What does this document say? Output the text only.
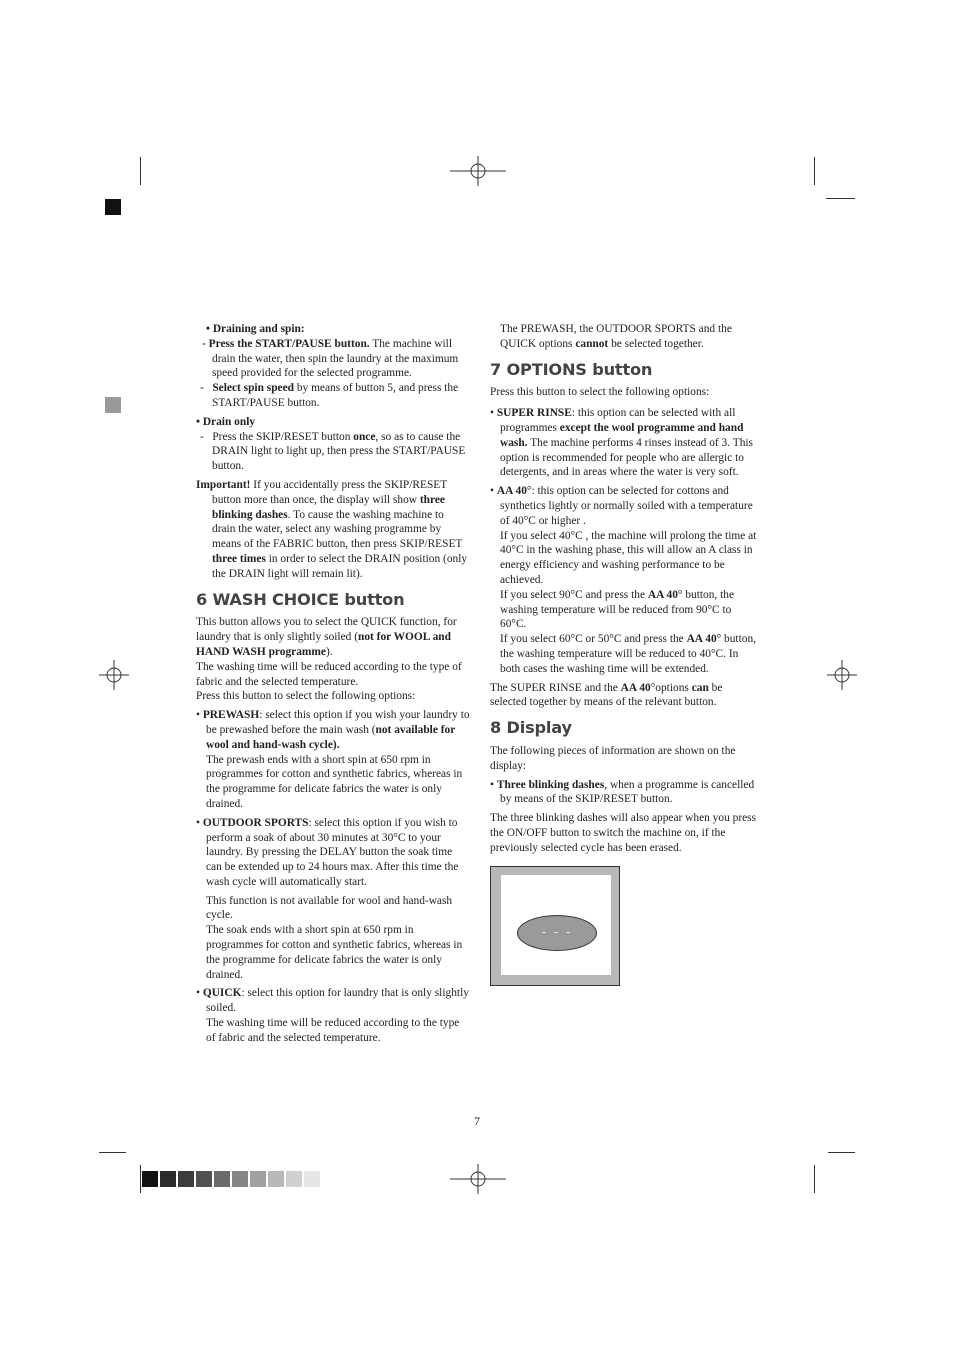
• Draining and spin:

- Press the START/PAUSE button. The machine will drain the water, then spin the laundry at the maximum speed provided for the selected programme.

-   Select spin speed by means of button 5, and press the START/PAUSE button.

• Drain only

-   Press the SKIP/RESET button once, so as to cause the DRAIN light to light up, then press the START/PAUSE button.

Important! If you accidentally press the SKIP/RESET button more than once, the display will show three blinking dashes. To cause the washing machine to drain the water, select any washing programme by means of the FABRIC button, then press SKIP/RESET three times in order to select the DRAIN position (only the DRAIN light will remain lit).

6 WASH CHOICE button

This button allows you to select the QUICK function, for laundry that is only slightly soiled (not for WOOL and HAND WASH programme).

The washing time will be reduced according to the type of fabric and the selected temperature.

Press this button to select the following options:

• PREWASH: select this option if you wish your laundry to be prewashed before the main wash (not available for wool and hand-wash cycle).

The prewash ends with a short spin at 650 rpm in programmes for cotton and synthetic fabrics, whereas in the programme for delicate fabrics the water is only drained.

• OUTDOOR SPORTS: select this option if you wish to perform a soak of about 30 minutes at 30°C to your laundry. By pressing the DELAY button the soak time can be extended up to 24 hours max. After this time the wash cycle will automatically start.

This function is not available for wool and hand-wash cycle.

The soak ends with a short spin at 650 rpm in programmes for cotton and synthetic fabrics, whereas in the programme for delicate fabrics the water is only drained.

• QUICK: select this option for laundry that is only slightly soiled.

The washing time will be reduced according to the type of fabric and the selected temperature.

The PREWASH, the OUTDOOR SPORTS and the QUICK options cannot be selected together.

7 OPTIONS button

Press this button to select the following options:

• SUPER RINSE: this option can be selected with all programmes except the wool programme and hand wash. The machine performs 4 rinses instead of 3. This option is recommended for people who are allergic to detergents, and in areas where the water is very soft.

• AA 40°: this option can be selected for cottons and synthetics lightly or normally soiled with a temperature of 40°C or higher .

If you select 40°C , the machine will prolong the time at 40°C in the washing phase, this will allow an A class in energy efficiency and washing performance to be achieved.

If you select 90°C and press the AA 40° button, the washing temperature will be reduced from 90°C to 60°C.

If you select 60°C or 50°C and press the AA 40° button, the washing temperature will be reduced to 40°C. In both cases the washing time will be extended.

The SUPER RINSE and the AA 40°options can be selected together by means of the relevant button.

8 Display

The following pieces of information are shown on the display:

• Three blinking dashes, when a programme is cancelled by means of the SKIP/RESET button.

The three blinking dashes will also appear when you press the ON/OFF button to switch the machine on, if the previously selected cycle has been erased.

- - -
7
